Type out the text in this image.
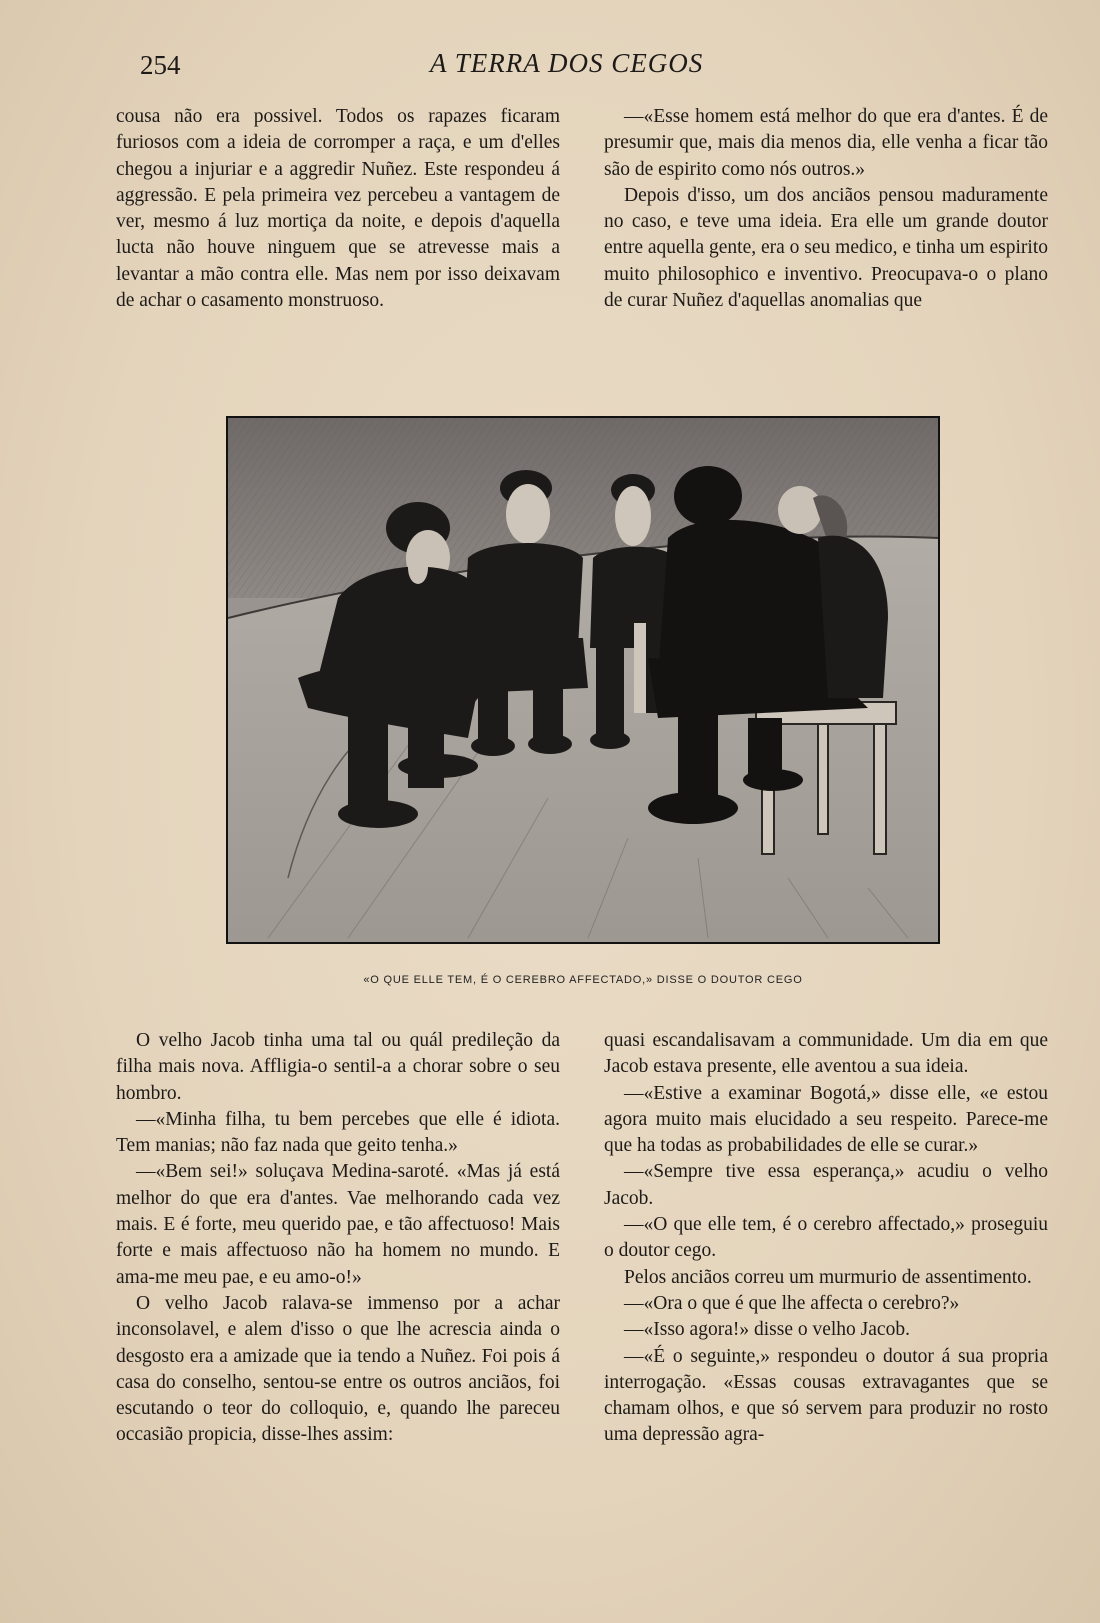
254	A TERRA DOS CEGOS

cousa não era possivel. Todos os rapazes ficaram furiosos com a ideia de corromper a raça, e um d'elles chegou a injuriar e a aggredir Nuñez. Este respondeu á aggressão. E pela primeira vez percebeu a vantagem de ver, mesmo á luz mortiça da noite, e depois d'aquella lucta não houve ninguem que se atrevesse mais a levantar a mão contra elle. Mas nem por isso deixavam de achar o casamento monstruoso.

—«Esse homem está melhor do que era d'antes. É de presumir que, mais dia menos dia, elle venha a ficar tão são de espirito como nós outros.»

Depois d'isso, um dos anciãos pensou maduramente no caso, e teve uma ideia. Era elle um grande doutor entre aquella gente, era o seu medico, e tinha um espirito muito philosophico e inventivo. Preocupava-o o plano de curar Nuñez d'aquellas anomalias que

«O QUE ELLE TEM, É O CEREBRO AFFECTADO,» DISSE O DOUTOR CEGO

O velho Jacob tinha uma tal ou quál predileção da filha mais nova. Affligia-o sentil-a a chorar sobre o seu hombro.

—«Minha filha, tu bem percebes que elle é idiota. Tem manias; não faz nada que geito tenha.»

—«Bem sei!» soluçava Medina-saroté. «Mas já está melhor do que era d'antes. Vae melhorando cada vez mais. E é forte, meu querido pae, e tão affectuoso! Mais forte e mais affectuoso não ha homem no mundo. E ama-me meu pae, e eu amo-o!»

O velho Jacob ralava-se immenso por a achar inconsolavel, e alem d'isso o que lhe acrescia ainda o desgosto era a amizade que ia tendo a Nuñez. Foi pois á casa do conselho, sentou-se entre os outros anciãos, foi escutando o teor do colloquio, e, quando lhe pareceu occasião propicia, disse-lhes assim:

quasi escandalisavam a communidade. Um dia em que Jacob estava presente, elle aventou a sua ideia.

—«Estive a examinar Bogotá,» disse elle, «e estou agora muito mais elucidado a seu respeito. Parece-me que ha todas as probabilidades de elle se curar.»

—«Sempre tive essa esperança,» acudiu o velho Jacob.

—«O que elle tem, é o cerebro affectado,» proseguiu o doutor cego.

Pelos anciãos correu um murmurio de assentimento.

—«Ora o que é que lhe affecta o cerebro?»

—«Isso agora!» disse o velho Jacob.

—«É o seguinte,» respondeu o doutor á sua propria interrogação. «Essas cousas extravagantes que se chamam olhos, e que só servem para produzir no rosto uma depressão agra-
